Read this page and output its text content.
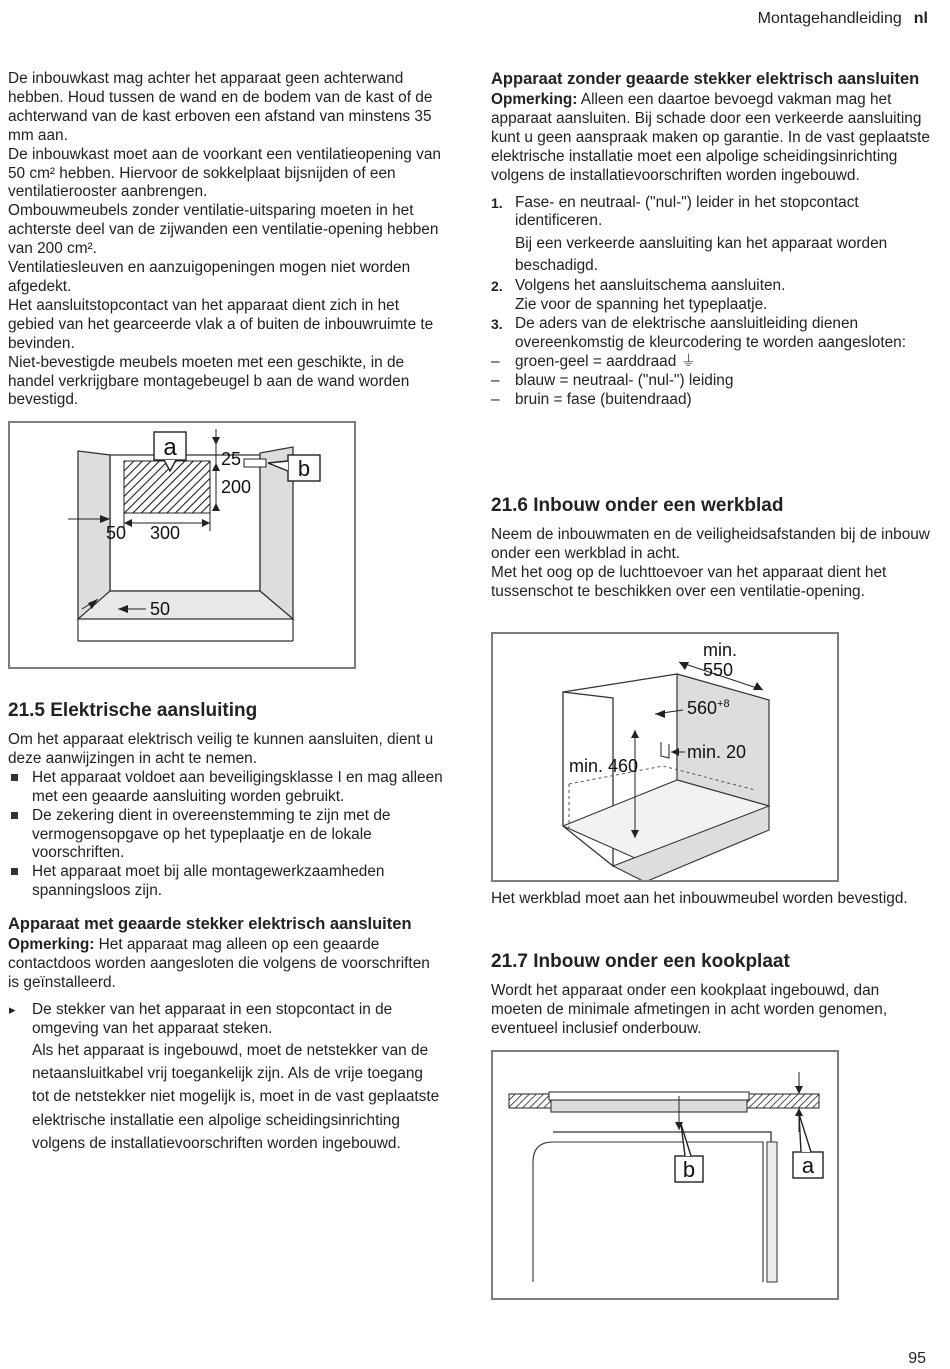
Montagehandleiding nl

De inbouwkast mag achter het apparaat geen achterwand hebben. Houd tussen de wand en de bodem van de kast of de achterwand van de kast erboven een afstand van minstens 35 mm aan.

De inbouwkast moet aan de voorkant een ventilatieopening van 50 cm² hebben. Hiervoor de sokkelplaat bijsnijden of een ventilatierooster aanbrengen.

Ombouwmeubels zonder ventilatie-uitsparing moeten in het achterste deel van de zijwanden een ventilatie-opening hebben van 200 cm².

Ventilatiesleuven en aanzuigopeningen mogen niet worden afgedekt.

Het aansluitstopcontact van het apparaat dient zich in het gebied van het gearceerde vlak a of buiten de inbouwruimte te bevinden.

Niet-bevestigde meubels moeten met een geschikte, in de handel verkrijgbare montagebeugel b aan de wand worden bevestigd.

a 25
200
b
50 300
50
21.5 Elektrische aansluiting

Om het apparaat elektrisch veilig te kunnen aansluiten, dient u deze aanwijzingen in acht te nemen.

Het apparaat voldoet aan beveiligingsklasse I en mag alleen met een geaarde aansluiting worden gebruikt.
De zekering dient in overeenstemming te zijn met de vermogensopgave op het typeplaatje en de lokale voorschriften.
Het apparaat moet bij alle montagewerkzaamheden spanningsloos zijn.
Apparaat met geaarde stekker elektrisch aansluiten

Opmerking: Het apparaat mag alleen op een geaarde contactdoos worden aangesloten die volgens de voorschriften is geïnstalleerd.

▸ De stekker van het apparaat in een stopcontact in de omgeving van het apparaat steken.

Als het apparaat is ingebouwd, moet de netstekker van de netaansluitkabel vrij toegankelijk zijn. Als de vrije toegang tot de netstekker niet mogelijk is, moet in de vast geplaatste elektrische installatie een alpolige scheidingsinrichting volgens de installatievoorschriften worden ingebouwd.

Apparaat zonder geaarde stekker elektrisch aansluiten

Opmerking: Alleen een daartoe bevoegd vakman mag het apparaat aansluiten. Bij schade door een verkeerde aansluiting kunt u geen aanspraak maken op garantie. In de vast geplaatste elektrische installatie moet een alpolige scheidingsinrichting volgens de installatievoorschriften worden ingebouwd.

1. Fase- en neutraal- ("nul-") leider in het stopcontact identificeren.

Bij een verkeerde aansluiting kan het apparaat worden beschadigd.

2. Volgens het aansluitschema aansluiten.

Zie voor de spanning het typeplaatje.

3. De aders van de elektrische aansluitleiding dienen overeenkomstig de kleurcodering te worden aangesloten:
– groen-geel = aarddraad ⏚
– blauw = neutraal- ("nul-") leiding
– bruin = fase (buitendraad)
21.6 Inbouw onder een werkblad

Neem de inbouwmaten en de veiligheidsafstanden bij de inbouw onder een werkblad in acht.

Met het oog op de luchttoevoer van het apparaat dient het tussenschot te beschikken over een ventilatie-opening.

min.
550
$560^{+8}$
min. 20
min. 460

Het werkblad moet aan het inbouwmeubel worden bevestigd.

21.7 Inbouw onder een kookplaat

Wordt het apparaat onder een kookplaat ingebouwd, dan moeten de minimale afmetingen in acht worden genomen, eventueel inclusief onderbouw.

b	a
95
